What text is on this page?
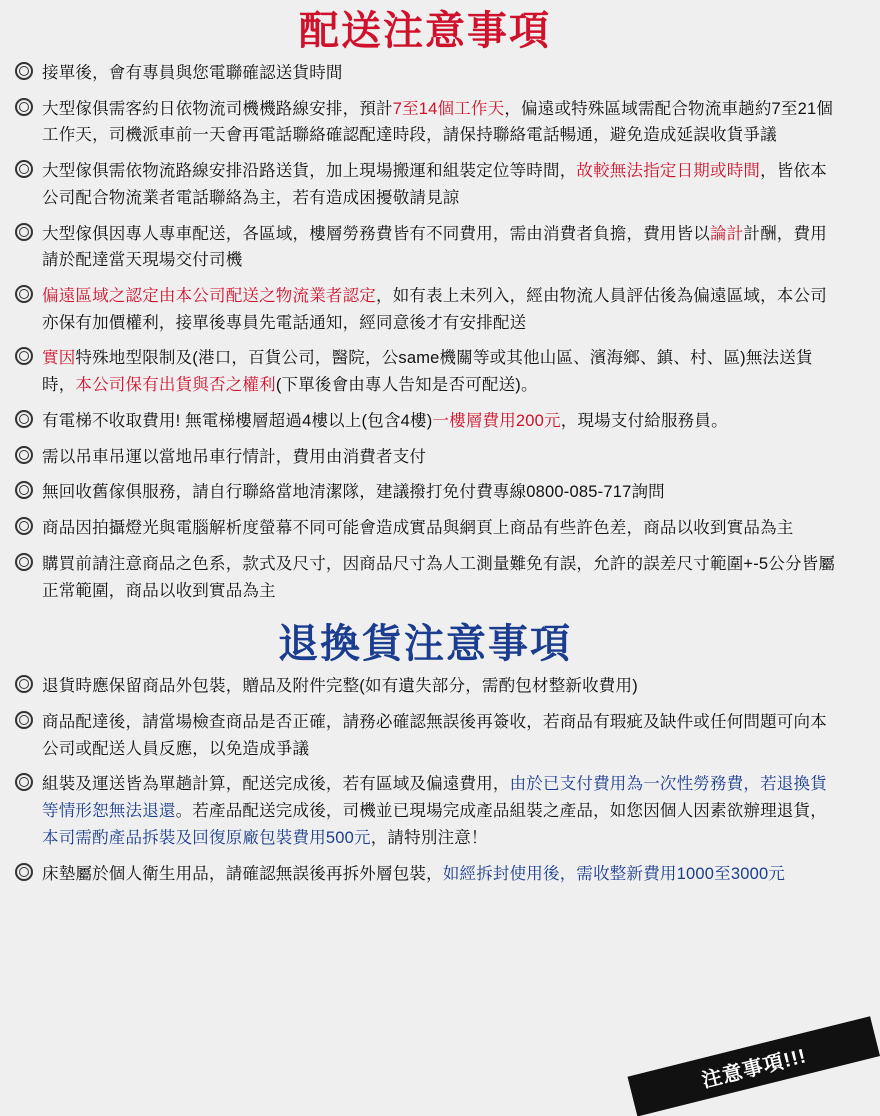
配送注意事項
接單後，會有專員與您電聯確認送貨時間
大型傢俱需客約日依物流司機機路線安排，預計7至14個工作天，偏遠或特殊區域需配合物流車趟約7至21個工作天，司機派車前一天會再電話聯絡確認配達時段，請保持聯絡電話暢通，避免造成延誤收貨爭議
大型傢俱需依物流路線安排沿路送貨，加上現場搬運和組裝定位等時間，故較無法指定日期或時間，皆依本公司配合物流業者電話聯絡為主，若有造成困擾敬請見諒
大型傢俱因專人專車配送，各區域，樓層勞務費皆有不同費用，需由消費者負擔，費用皆以論計計酬，費用請於配達當天現場交付司機
偏遠區域之認定由本公司配送之物流業者認定，如有表上未列入，經由物流人員評估後為偏遠區域，本公司亦保有加價權利，接單後專員先電話通知，經同意後才有安排配送
實因特殊地型限制及(港口，百貨公司，醫院，公same機關等或其他山區、濱海鄉、鎮、村、區)無法送貨時，本公司保有出貨與否之權利(下單後會由專人告知是否可配送)。
有電梯不收取費用! 無電梯樓層超過4樓以上(包含4樓)一樓層費用200元，現場支付給服務員。
需以吊車吊運以當地吊車行情計，費用由消費者支付
無回收舊傢俱服務，請自行聯絡當地清潔隊，建議撥打免付費專線0800-085-717詢問
商品因拍攝燈光與電腦解析度螢幕不同可能會造成實品與網頁上商品有些許色差，商品以收到實品為主
購買前請注意商品之色系，款式及尺寸，因商品尺寸為人工測量難免有誤，允許的誤差尺寸範圍+-5公分皆屬正常範圍，商品以收到實品為主
退換貨注意事項
退貨時應保留商品外包裝，贈品及附件完整(如有遺失部分，需酌包材整新收費用)
商品配達後，請當場檢查商品是否正確，請務必確認無誤後再簽收，若商品有瑕疵及缺件或任何問題可向本公司或配送人員反應，以免造成爭議
組裝及運送皆為單趟計算，配送完成後，若有區域及偏遠費用，由於已支付費用為一次性勞務費，若退換貨等情形恕無法退還。若產品配送完成後，司機並已現場完成產品組裝之產品，如您因個人因素欲辦理退貨，本司需酌產品拆裝及回復原廠包裝費用500元，請特別注意！
床墊屬於個人衛生用品，請確認無誤後再拆外層包裝，如經拆封使用後，需收整新費用1000至3000元
注意事項!!!
